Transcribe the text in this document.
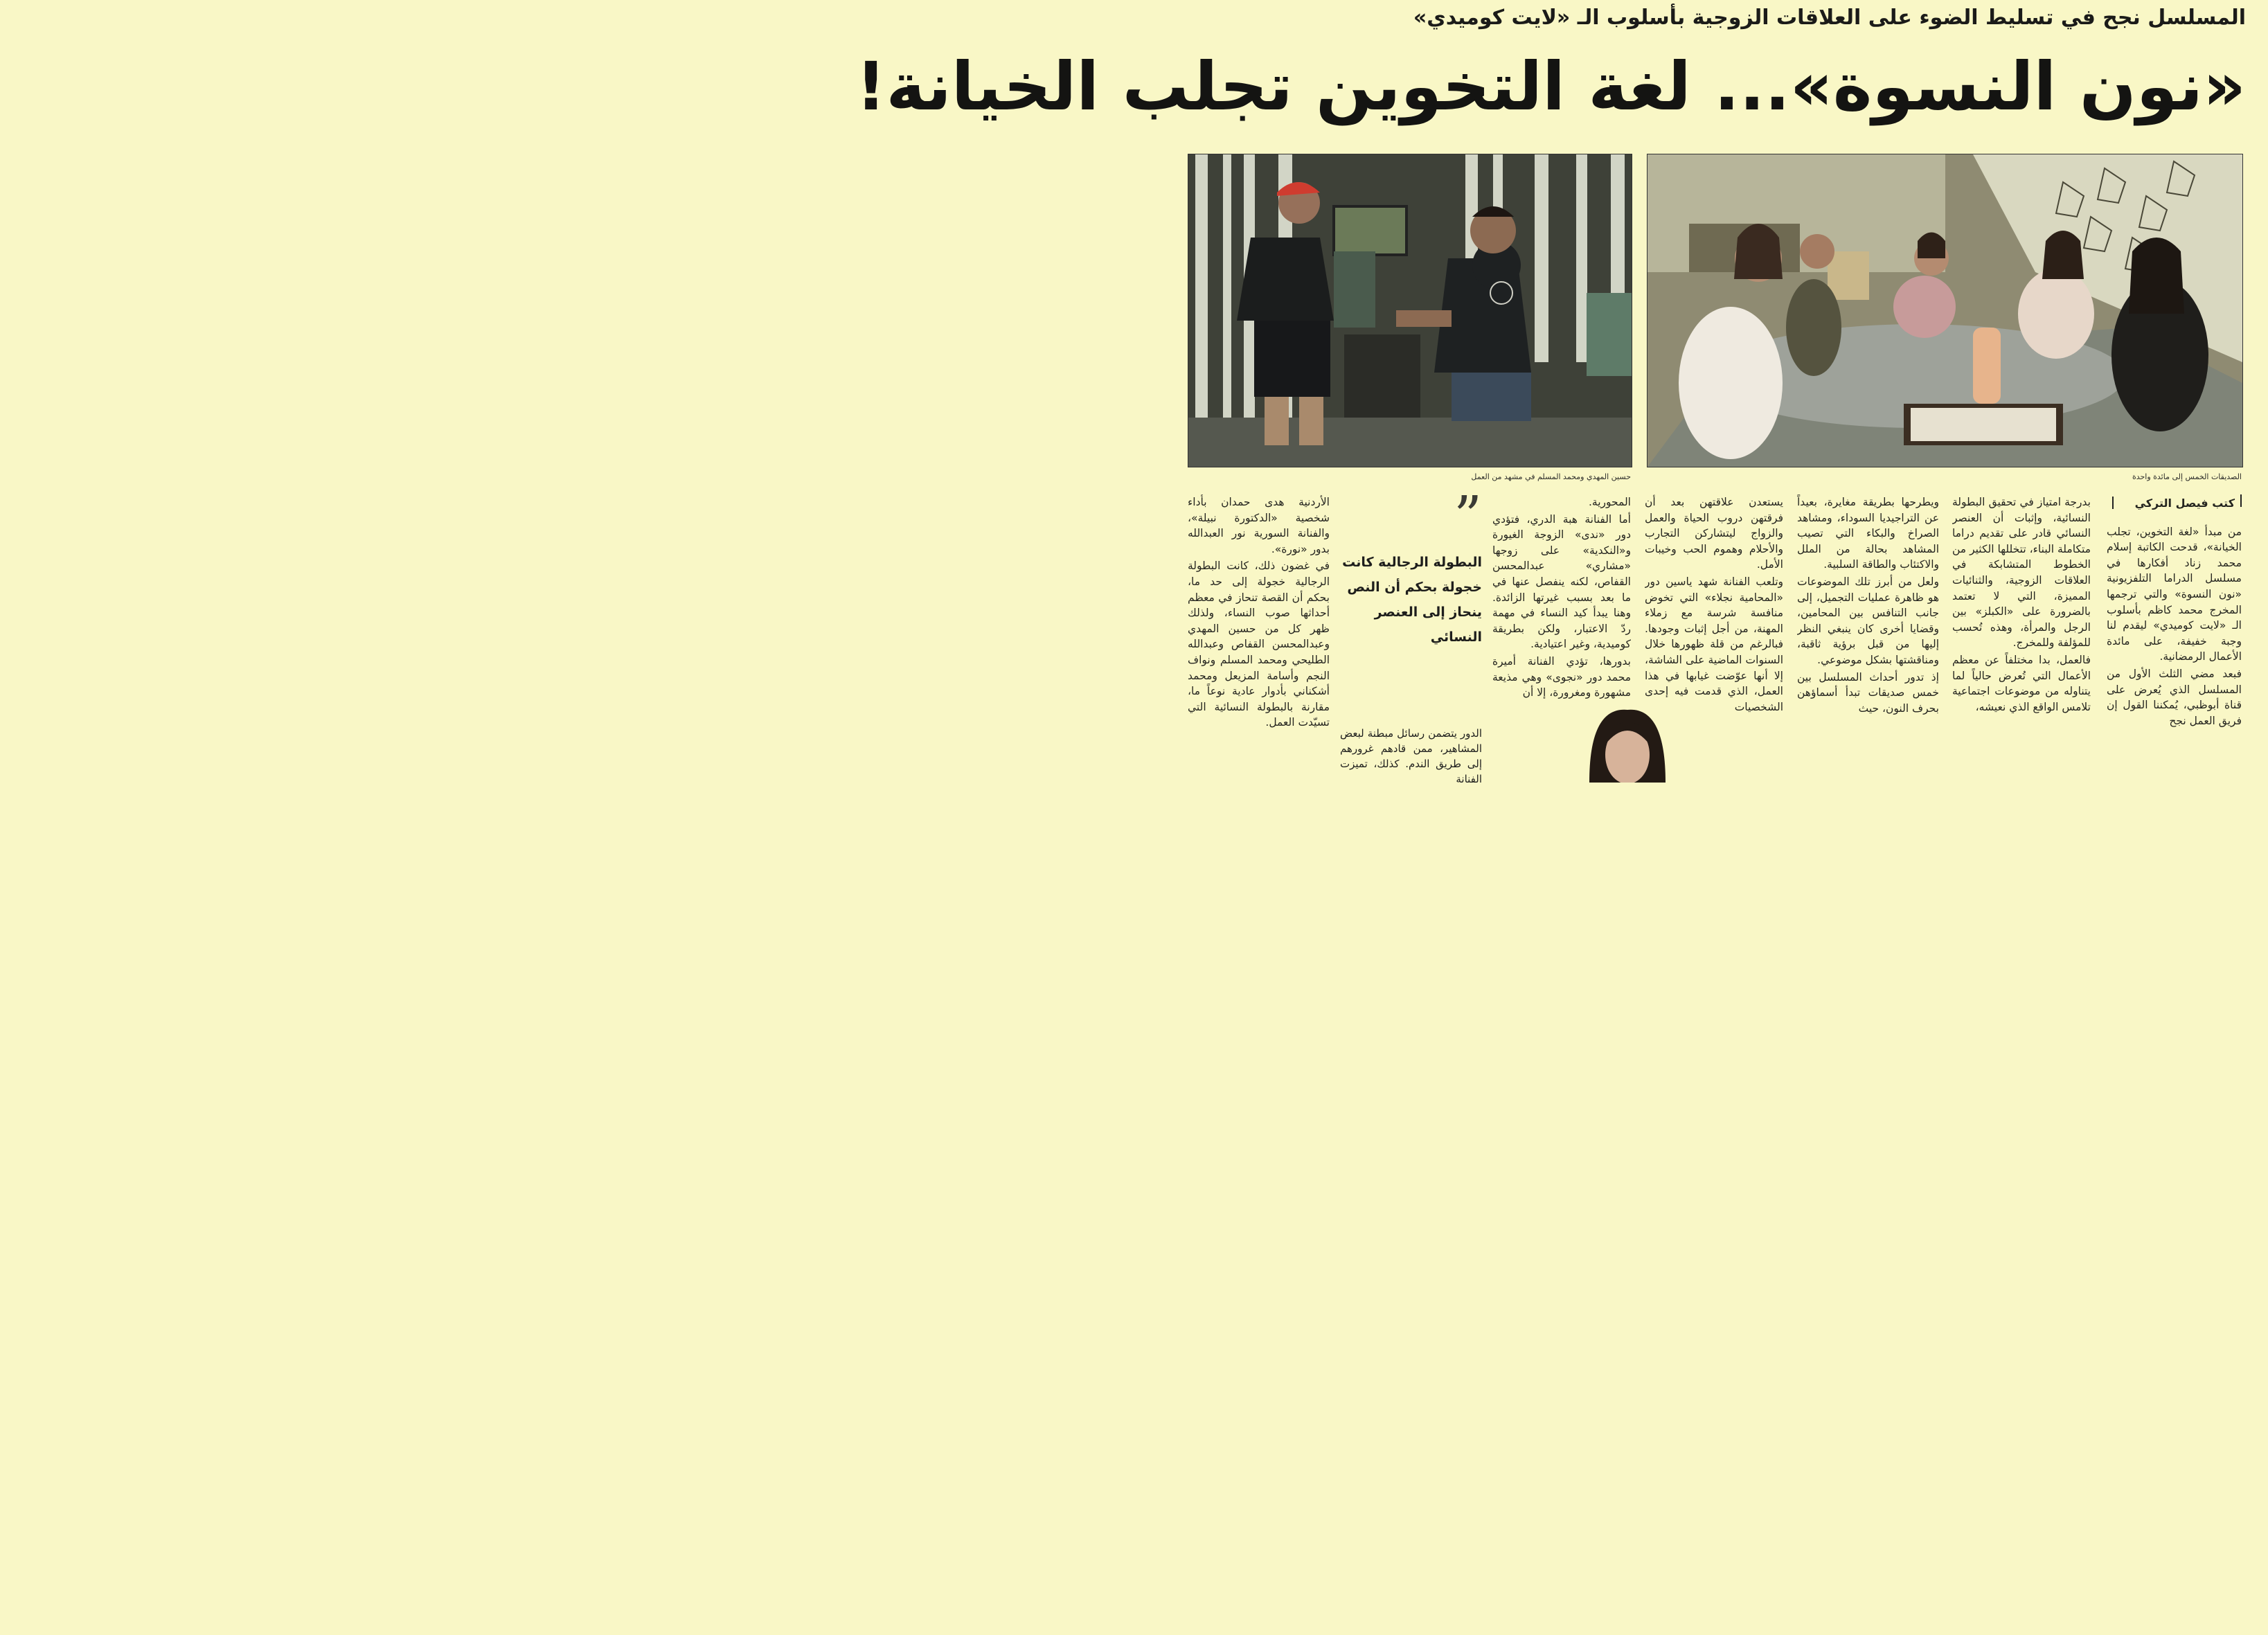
المسلسل نجح في تسليط الضوء على العلاقات الزوجية بأسلوب الـ «لايت كوميدي»
«نون النسوة»... لغة التخوين تجلب الخيانة!
حسين المهدي ومحمد المسلم في مشهد من العمل	الصديقات الخمس إلى مائدة واحدة
كتب فيصل التركي

من مبدأ «لغة التخوين، تجلب الخيانة»، قدحت الكاتبة إسلام محمد زناد أفكارها في مسلسل الدراما التلفزيونية «نون النسوة» والتي ترجمها المخرج محمد كاظم بأسلوب الـ «لايت كوميدي» ليقدم لنا وجبة خفيفة، على مائدة الأعمال الرمضانية.

فبعد مضي الثلث الأول من المسلسل الذي يُعرض على قناة أبوظبي، يُمكننا القول إن فريق العمل نجح

بدرجة امتياز في تحقيق البطولة النسائية، وإثبات أن العنصر النسائي قادر على تقديم دراما متكاملة البناء، تتخللها الكثير من الخطوط المتشابكة في العلاقات الزوجية، والثنائيات المميزة، التي لا تعتمد بالضرورة على «الكبلز» بين الرجل والمرأة، وهذه تُحسب للمؤلفة وللمخرج.

فالعمل، بدا مختلفاً عن معظم الأعمال التي تُعرض حالياً لما يتناوله من موضوعات اجتماعية تلامس الواقع الذي نعيشه،

ويطرحها بطريقة مغايرة، بعيداً عن التراجيديا السوداء، ومشاهد الصراخ والبكاء التي تصيب المشاهد بحالة من الملل والاكتئاب والطاقة السلبية.

ولعل من أبرز تلك الموضوعات هو ظاهرة عمليات التجميل، إلى جانب التنافس بين المحامين، وقضايا أخرى كان ينبغي النظر إليها من قبل برؤية ثاقبة، ومناقشتها بشكل موضوعي.

إذ تدور أحداث المسلسل بين خمس صديقات تبدأ أسماؤهن بحرف النون، حيث

يستعدن علاقتهن بعد أن فرقتهن دروب الحياة والعمل والزواج ليتشاركن التجارب والأحلام وهموم الحب وخيبات الأمل.

وتلعب الفنانة شهد ياسين دور «المحامية نجلاء» التي تخوض منافسة شرسة مع زملاء المهنة، من أجل إثبات وجودها. فبالرغم من قلة ظهورها خلال السنوات الماضية على الشاشة، إلا أنها عوّضت غيابها في هذا العمل، الذي قدمت فيه إحدى الشخصيات

المحورية.

أما الفنانة هبة الدري، فتؤدي دور «ندى» الزوجة الغيورة و«النكدية» على زوجها «مشاري» عبدالمحسن القفاص، لكنه ينفصل عنها في ما بعد بسبب غيرتها الزائدة. وهنا يبدأ كيد النساء في مهمة ردّ الاعتبار، ولكن بطريقة كوميدية، وغير اعتيادية.

بدورها، تؤدي الفنانة أميرة محمد دور «نجوى» وهي مذيعة مشهورة ومغرورة، إلا أن

”
البطولة الرجالية كانت خجولة بحكم أن النص ينحاز إلى العنصر النسائي
الدور يتضمن رسائل مبطنة لبعض المشاهير، ممن قادهم غرورهم إلى طريق الندم. كذلك، تميزت الفنانة

الأردنية هدى حمدان بأداء شخصية «الدكتورة نبيلة»، والفنانة السورية نور العبدالله بدور «نورة».

في غضون ذلك، كانت البطولة الرجالية خجولة إلى حد ما، بحكم أن القصة تنحاز في معظم أحداثها صوب النساء، ولذلك ظهر كل من حسين المهدي وعبدالمحسن القفاص وعبدالله الطليحي ومحمد المسلم ونواف النجم وأسامة المزيعل ومحمد أشكناني بأدوار عادية نوعاً ما، مقارنة بالبطولة النسائية التي تسيّدت العمل.
